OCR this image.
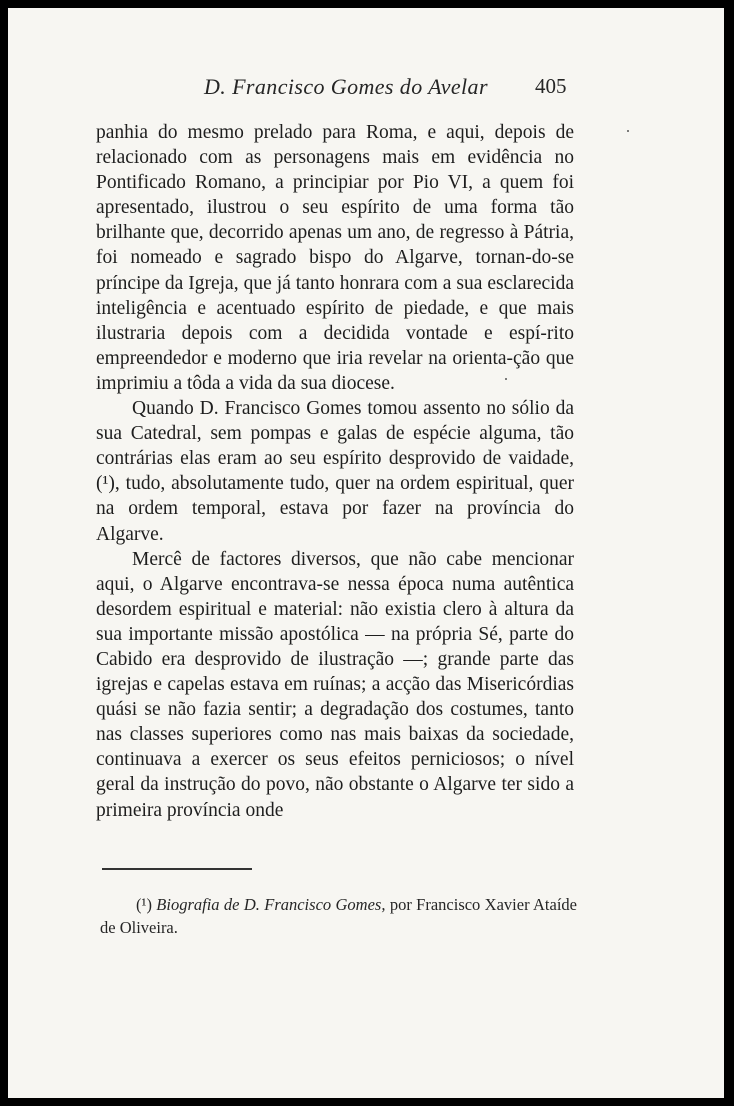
D. Francisco Gomes do Avelar 405

panhia do mesmo prelado para Roma, e aqui, depois de relacionado com as personagens mais em evidência no Pontificado Romano, a principiar por Pio VI, a quem foi apresentado, ilustrou o seu espírito de uma forma tão brilhante que, decorrido apenas um ano, de regresso à Pátria, foi nomeado e sagrado bispo do Algarve, tornan-do-se príncipe da Igreja, que já tanto honrara com a sua esclarecida inteligência e acentuado espírito de piedade, e que mais ilustraria depois com a decidida vontade e espí-rito empreendedor e moderno que iria revelar na orienta-ção que imprimiu a tôda a vida da sua diocese.

Quando D. Francisco Gomes tomou assento no sólio da sua Catedral, sem pompas e galas de espécie alguma, tão contrárias elas eram ao seu espírito desprovido de vaidade, (¹), tudo, absolutamente tudo, quer na ordem espiritual, quer na ordem temporal, estava por fazer na província do Algarve.

Mercê de factores diversos, que não cabe mencionar aqui, o Algarve encontrava-se nessa época numa autêntica desordem espiritual e material: não existia clero à altura da sua importante missão apostólica — na própria Sé, parte do Cabido era desprovido de ilustração —; grande parte das igrejas e capelas estava em ruínas; a acção das Misericórdias quási se não fazia sentir; a degradação dos costumes, tanto nas classes superiores como nas mais baixas da sociedade, continuava a exercer os seus efeitos perniciosos; o nível geral da instrução do povo, não obstante o Algarve ter sido a primeira província onde

(¹) Biografia de D. Francisco Gomes, por Francisco Xavier Ataíde de Oliveira.
